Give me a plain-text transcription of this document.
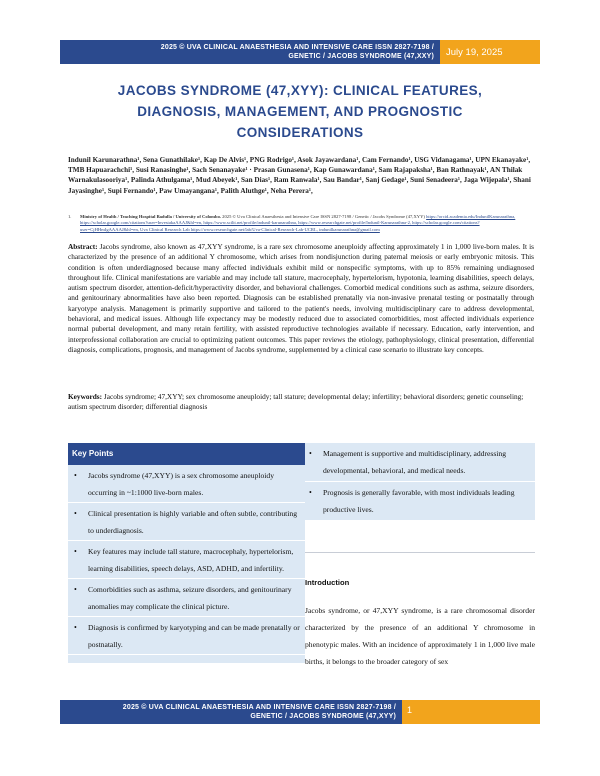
2025 © UVA CLINICAL ANAESTHESIA AND INTENSIVE CARE ISSN 2827-7198 /
GENETIC / JACOBS SYNDROME (47,XXY)	July 19, 2025
JACOBS SYNDROME (47,XYY): CLINICAL FEATURES,
DIAGNOSIS, MANAGEMENT, AND PROGNOSTIC
CONSIDERATIONS
Indunil Karunarathna¹, Sena Gunathilake¹, Kap De Alvis¹, PNG Rodrigo¹, Asok Jayawardana¹, Cam Fernando¹, USG Vidanagama¹, UPN Ekanayake¹, TMB Hapuarachchi¹, Susi Ranasinghe¹, Sach Senanayake¹ · Prasan Gunasena¹, Kap Gunawardana¹, Sam Rajapaksha¹, Ban Rathnayak¹, AN Thilak Warnakulasooriya¹, Palinda Athulgama¹, Mud Abeyek¹, San Dias¹, Ram Ranwala¹, Sau Bandar¹, Sanj Gedage¹, Suni Senadeera¹, Jaga Wijepala¹, Shani Jayasinghe¹, Supi Fernando¹, Paw Umayangana¹, Palith Aluthge¹, Neha Perera¹,
1.	Ministry of Health / Teaching Hospital Badulla / University of Colombo. 2025 © Uva Clinical Anaesthesia and Intensive Care ISSN 2827-7198 / Genetic / Jacobs Syndrome (47,XYY) https://orcid.academia.edu/IndunilKarunarathna, https://scholar.google.com/citations?user=InvestakaAAAJ&hl=en, https://www.scilit.net/profile/indunil-karunarathna, https://www.researchgate.net/profile/Indunil-Karunarathna-2, https://scholar.google.com/citations?user=CjHHmIgAAAAJ&hl=en, Uva Clinical Research Lab https://www.researchgate.net/lab/Uva-Clinical-Research-Lab-UCRL, indunilkarunarathna@gmail.com
Abstract: Jacobs syndrome, also known as 47,XYY syndrome, is a rare sex chromosome aneuploidy affecting approximately 1 in 1,000 live-born males. It is characterized by the presence of an additional Y chromosome, which arises from nondisjunction during paternal meiosis or early embryonic mitosis. This condition is often underdiagnosed because many affected individuals exhibit mild or nonspecific symptoms, with up to 85% remaining undiagnosed throughout life. Clinical manifestations are variable and may include tall stature, macrocephaly, hypertelorism, hypotonia, learning disabilities, speech delays, autism spectrum disorder, attention-deficit/hyperactivity disorder, and behavioral challenges. Comorbid medical conditions such as asthma, seizure disorders, and genitourinary abnormalities have also been reported. Diagnosis can be established prenatally via non-invasive prenatal testing or postnatally through karyotype analysis. Management is primarily supportive and tailored to the patient's needs, involving multidisciplinary care to address developmental, behavioral, and medical issues. Although life expectancy may be modestly reduced due to associated comorbidities, most affected individuals experience normal pubertal development, and many retain fertility, with assisted reproductive technologies available if necessary. Education, early intervention, and interprofessional collaboration are crucial to optimizing patient outcomes. This paper reviews the etiology, pathophysiology, clinical presentation, differential diagnosis, complications, prognosis, and management of Jacobs syndrome, supplemented by a clinical case scenario to illustrate key concepts.
Keywords: Jacobs syndrome; 47,XYY; sex chromosome aneuploidy; tall stature; developmental delay; infertility; behavioral disorders; genetic counseling; autism spectrum disorder; differential diagnosis
Key Points
•	Jacobs syndrome (47,XYY) is a sex chromosome aneuploidy occurring in ~1:1000 live-born males.
•	Clinical presentation is highly variable and often subtle, contributing to underdiagnosis.
•	Key features may include tall stature, macrocephaly, hypertelorism, learning disabilities, speech delays, ASD, ADHD, and infertility.
•	Comorbidities such as asthma, seizure disorders, and genitourinary anomalies may complicate the clinical picture.
•	Diagnosis is confirmed by karyotyping and can be made prenatally or postnatally.
•	Management is supportive and multidisciplinary, addressing developmental, behavioral, and medical needs.
•	Prognosis is generally favorable, with most individuals leading productive lives.
Introduction
Jacobs syndrome, or 47,XYY syndrome, is a rare chromosomal disorder characterized by the presence of an additional Y chromosome in phenotypic males. With an incidence of approximately 1 in 1,000 live male births, it belongs to the broader category of sex
2025 © UVA CLINICAL ANAESTHESIA AND INTENSIVE CARE ISSN 2827-7198 /
GENETIC / JACOBS SYNDROME (47,XYY)
1
